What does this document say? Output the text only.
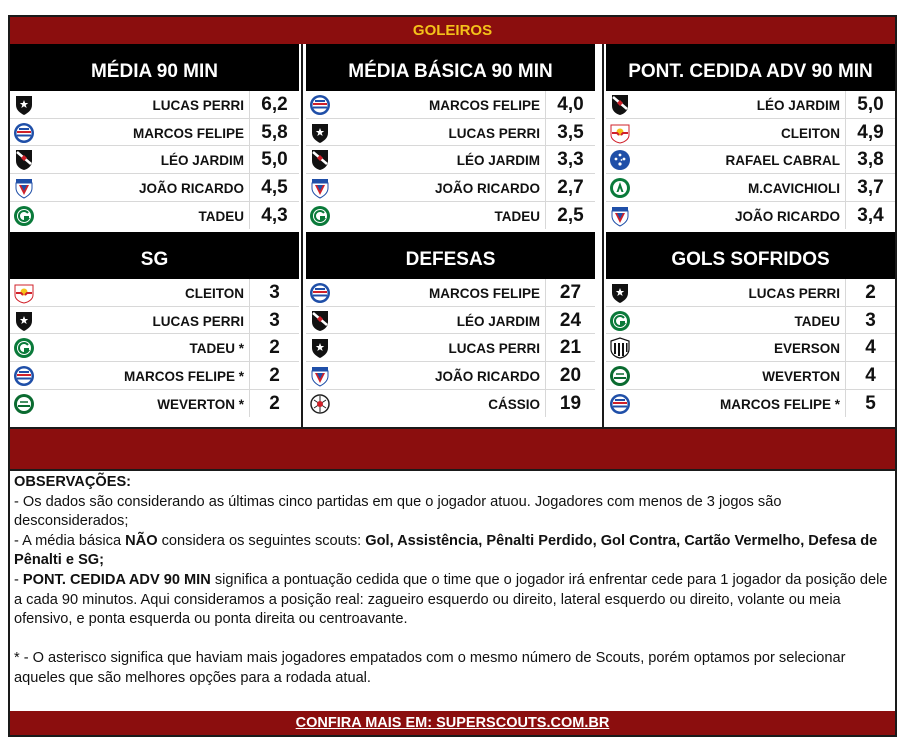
GOLEIROS
MÉDIA 90 MIN
LUCAS PERRI 6,2
MARCOS FELIPE 5,8
LÉO JARDIM 5,0
JOÃO RICARDO 4,5
TADEU 4,3
MÉDIA BÁSICA 90 MIN
MARCOS FELIPE 4,0
LUCAS PERRI 3,5
LÉO JARDIM 3,3
JOÃO RICARDO 2,7
TADEU 2,5
PONT. CEDIDA ADV 90 MIN
LÉO JARDIM 5,0
CLEITON 4,9
RAFAEL CABRAL 3,8
M.CAVICHIOLI 3,7
JOÃO RICARDO 3,4
SG
CLEITON	3
LUCAS PERRI	3
TADEU *	2
MARCOS FELIPE *	2
WEVERTON *	2
DEFESAS
MARCOS FELIPE	27
LÉO JARDIM	24
LUCAS PERRI	21
JOÃO RICARDO	20
CÁSSIO	19
GOLS SOFRIDOS
LUCAS PERRI	2
TADEU	3
EVERSON	4
WEVERTON	4
MARCOS FELIPE *	5
OBSERVAÇÕES:
- Os dados são considerando as últimas cinco partidas em que o jogador atuou. Jogadores com menos de 3 jogos são desconsiderados;
- A média básica NÃO considera os seguintes scouts: Gol, Assistência, Pênalti Perdido, Gol Contra, Cartão Vermelho, Defesa de Pênalti e SG;
- PONT. CEDIDA ADV 90 MIN significa a pontuação cedida que o time que o jogador irá enfrentar cede para 1 jogador da posição dele a cada 90 minutos. Aqui consideramos a posição real: zagueiro esquerdo ou direito, lateral esquerdo ou direito, volante ou meia ofensivo, e ponta esquerda ou ponta direita ou centroavante.
* - O asterisco significa que haviam mais jogadores empatados com o mesmo número de Scouts, porém optamos por selecionar aqueles que são melhores opções para a rodada atual.
CONFIRA MAIS EM: SUPERSCOUTS.COM.BR
